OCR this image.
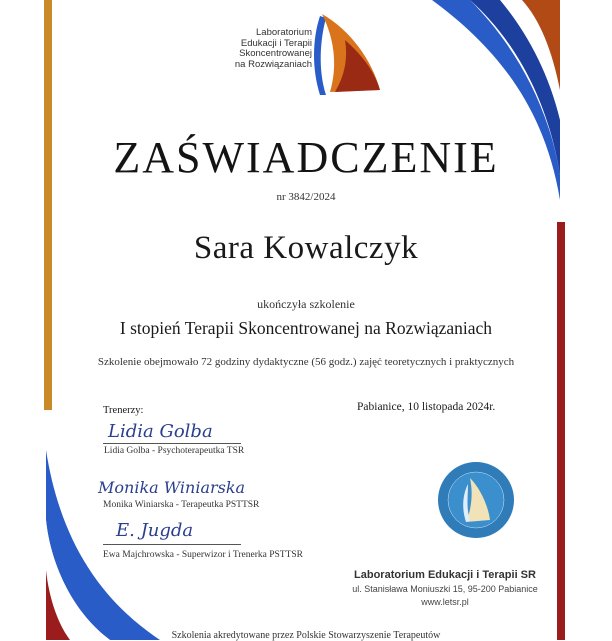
Laboratorium
Edukacji i Terapii
Skoncentrowanej
na Rozwiązaniach
ZAŚWIADCZENIE
nr 3842/2024
Sara Kowalczyk
ukończyła szkolenie
I stopień Terapii Skoncentrowanej na Rozwiązaniach
Szkolenie obejmowało 72 godziny dydaktyczne (56 godz.) zajęć teoretycznych i praktycznych
Trenerzy:	Pabianice, 10 listopada 2024r.
Lidia Golba
Lidia Golba - Psychoterapeutka TSR
Monika Winiarska
Monika Winiarska - Terapeutka PSTTSR
E. Jugda
Ewa Majchrowska - Superwizor i Trenerka PSTTSR
Laboratorium Edukacji i Terapii SR
ul. Stanisława Moniuszki 15, 95-200 Pabianice
www.letsr.pl
Szkolenia akredytowane przez Polskie Stowarzyszenie Terapeutów
